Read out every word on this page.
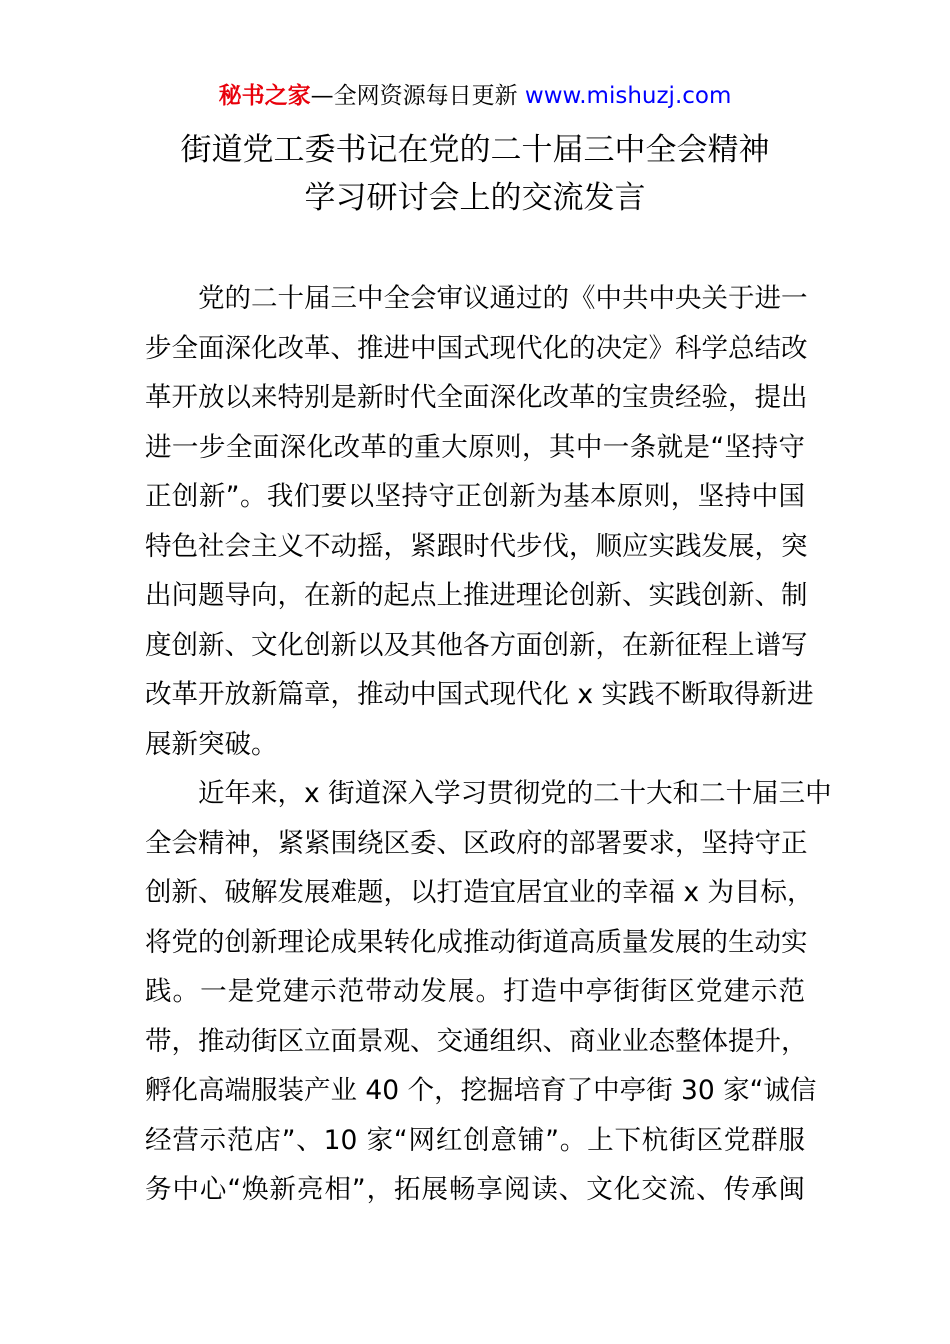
秘书之家—全网资源每日更新 www.mishuzj.com
街道党工委书记在党的二十届三中全会精神
学习研讨会上的交流发言
党的二十届三中全会审议通过的《中共中央关于进一
步全面深化改革、推进中国式现代化的决定》科学总结改
革开放以来特别是新时代全面深化改革的宝贵经验，提出
进一步全面深化改革的重大原则，其中一条就是“坚持守
正创新”。我们要以坚持守正创新为基本原则，坚持中国
特色社会主义不动摇，紧跟时代步伐，顺应实践发展，突
出问题导向，在新的起点上推进理论创新、实践创新、制
度创新、文化创新以及其他各方面创新，在新征程上谱写
改革开放新篇章，推动中国式现代化 x 实践不断取得新进
展新突破。
近年来，x 街道深入学习贯彻党的二十大和二十届三中
全会精神，紧紧围绕区委、区政府的部署要求，坚持守正
创新、破解发展难题，以打造宜居宜业的幸福 x 为目标，
将党的创新理论成果转化成推动街道高质量发展的生动实
践。一是党建示范带动发展。打造中亭街街区党建示范
带，推动街区立面景观、交通组织、商业业态整体提升，
孵化高端服装产业 40 个，挖掘培育了中亭街 30 家“诚信
经营示范店”、10 家“网红创意铺”。上下杭街区党群服
务中心“焕新亮相”，拓展畅享阅读、文化交流、传承闽
